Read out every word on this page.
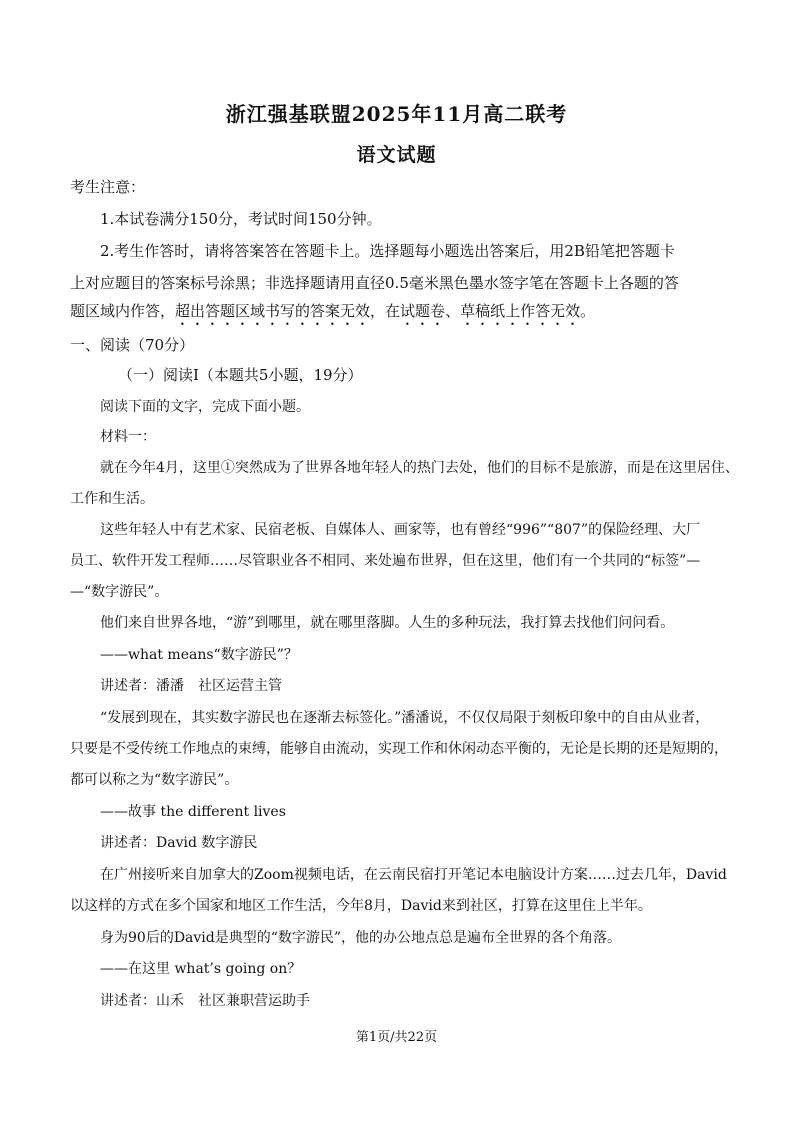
浙江强基联盟2025年11月高二联考
语文试题
考生注意：
1.本试卷满分150分，考试时间150分钟。
2.考生作答时，请将答案答在答题卡上。选择题每小题选出答案后，用2B铅笔把答题卡
上对应题目的答案标号涂黑；非选择题请用直径0.5毫米黑色墨水签字笔在答题卡上各题的答
题区域内作答，超出答题区域书写的答案无效，在试题卷、草稿纸上作答无效。
一、阅读（70分）
（一）阅读Ⅰ（本题共5小题，19分）
阅读下面的文字，完成下面小题。
材料一：
就在今年4月，这里①突然成为了世界各地年轻人的热门去处，他们的目标不是旅游，而是在这里居住、
工作和生活。
这些年轻人中有艺术家、民宿老板、自媒体人、画家等，也有曾经“996”“807”的保险经理、大厂
员工、软件开发工程师……尽管职业各不相同、来处遍布世界，但在这里，他们有一个共同的“标签”—
—“数字游民”。
他们来自世界各地，“游”到哪里，就在哪里落脚。人生的多种玩法，我打算去找他们问问看。
——what means“数字游民”？
讲述者：潘潘　社区运营主管
“发展到现在，其实数字游民也在逐渐去标签化。”潘潘说，不仅仅局限于刻板印象中的自由从业者，
只要是不受传统工作地点的束缚，能够自由流动，实现工作和休闲动态平衡的，无论是长期的还是短期的，
都可以称之为“数字游民”。
——故事 the different lives
讲述者：David 数字游民
在广州接听来自加拿大的Zoom视频电话，在云南民宿打开笔记本电脑设计方案……过去几年，David
以这样的方式在多个国家和地区工作生活，今年8月，David来到社区，打算在这里住上半年。
身为90后的David是典型的“数字游民”，他的办公地点总是遍布全世界的各个角落。
——在这里 what’s going on？
讲述者：山禾　社区兼职营运助手
第1页/共22页
